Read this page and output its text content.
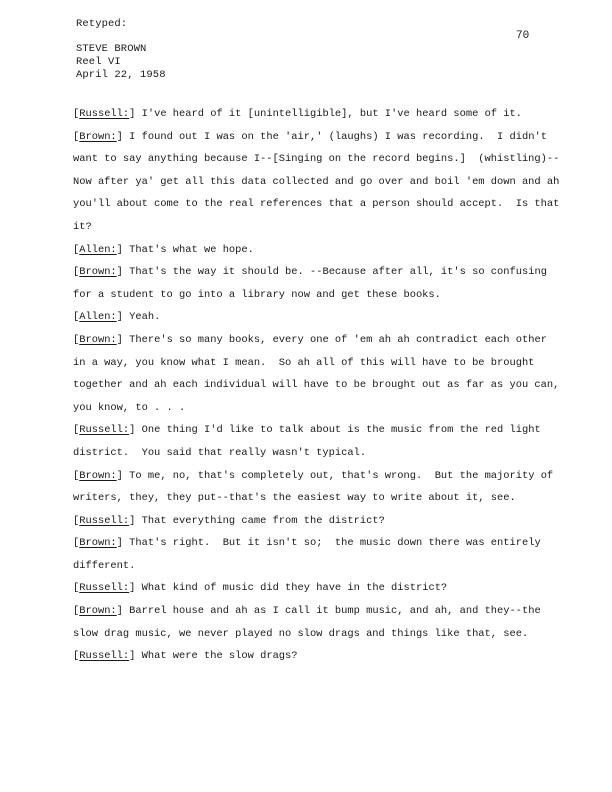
Retyped:
STEVE BROWN
Reel VI
April 22, 1958
70
[Russell:] I've heard of it [unintelligible], but I've heard some of it.
[Brown:] I found out I was on the 'air,' (laughs) I was recording.  I didn't
want to say anything because I--[Singing on the record begins.]  (whistling)--
Now after ya' get all this data collected and go over and boil 'em down and ah
you'll about come to the real references that a person should accept.  Is that
it?
[Allen:] That's what we hope.
[Brown:] That's the way it should be. --Because after all, it's so confusing
for a student to go into a library now and get these books.
[Allen:] Yeah.
[Brown:] There's so many books, every one of 'em ah ah contradict each other
in a way, you know what I mean.  So ah all of this will have to be brought
together and ah each individual will have to be brought out as far as you can,
you know, to . . .
[Russell:] One thing I'd like to talk about is the music from the red light
district.  You said that really wasn't typical.
[Brown:] To me, no, that's completely out, that's wrong.  But the majority of
writers, they, they put--that's the easiest way to write about it, see.
[Russell:] That everything came from the district?
[Brown:] That's right.  But it isn't so;  the music down there was entirely
different.
[Russell:] What kind of music did they have in the district?
[Brown:] Barrel house and ah as I call it bump music, and ah, and they--the
slow drag music, we never played no slow drags and things like that, see.
[Russell:] What were the slow drags?
